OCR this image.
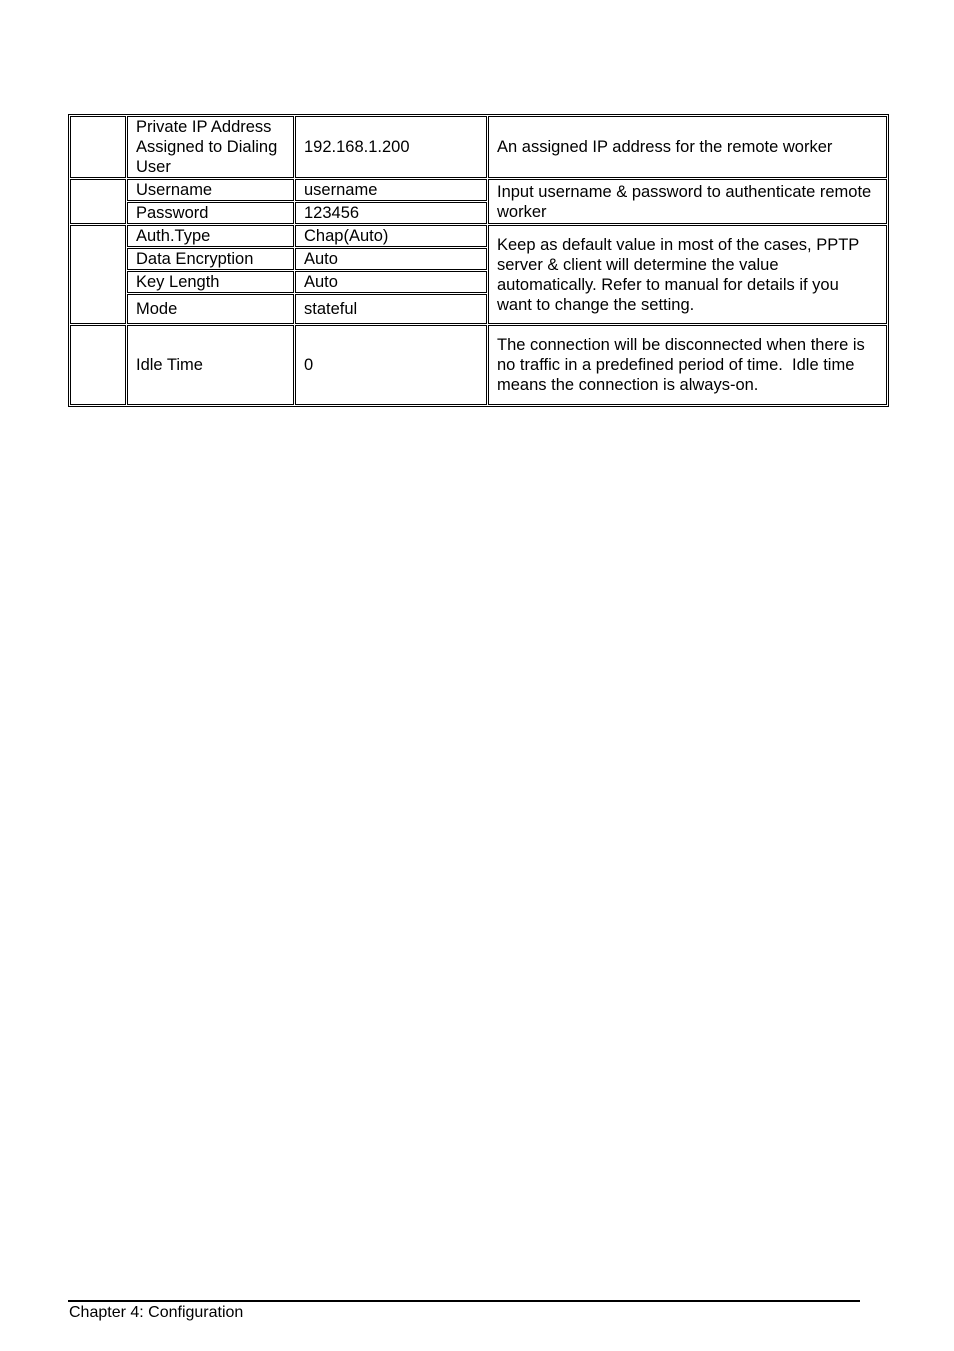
	Private IP Address Assigned to Dialing User	192.168.1.200	An assigned IP address for the remote worker
	Username	username	Input username & password to authenticate remote worker
	Password	123456	
	Auth.Type	Chap(Auto)	Keep as default value in most of the cases, PPTP server & client will determine the value automatically. Refer to manual for details if you want to change the setting.
	Data Encryption	Auto	
	Key Length	Auto	
	Mode	stateful	
	Idle Time	0	The connection will be disconnected when there is no traffic in a predefined period of time.  Idle time    means the connection is always-on.
Chapter 4: Configuration
